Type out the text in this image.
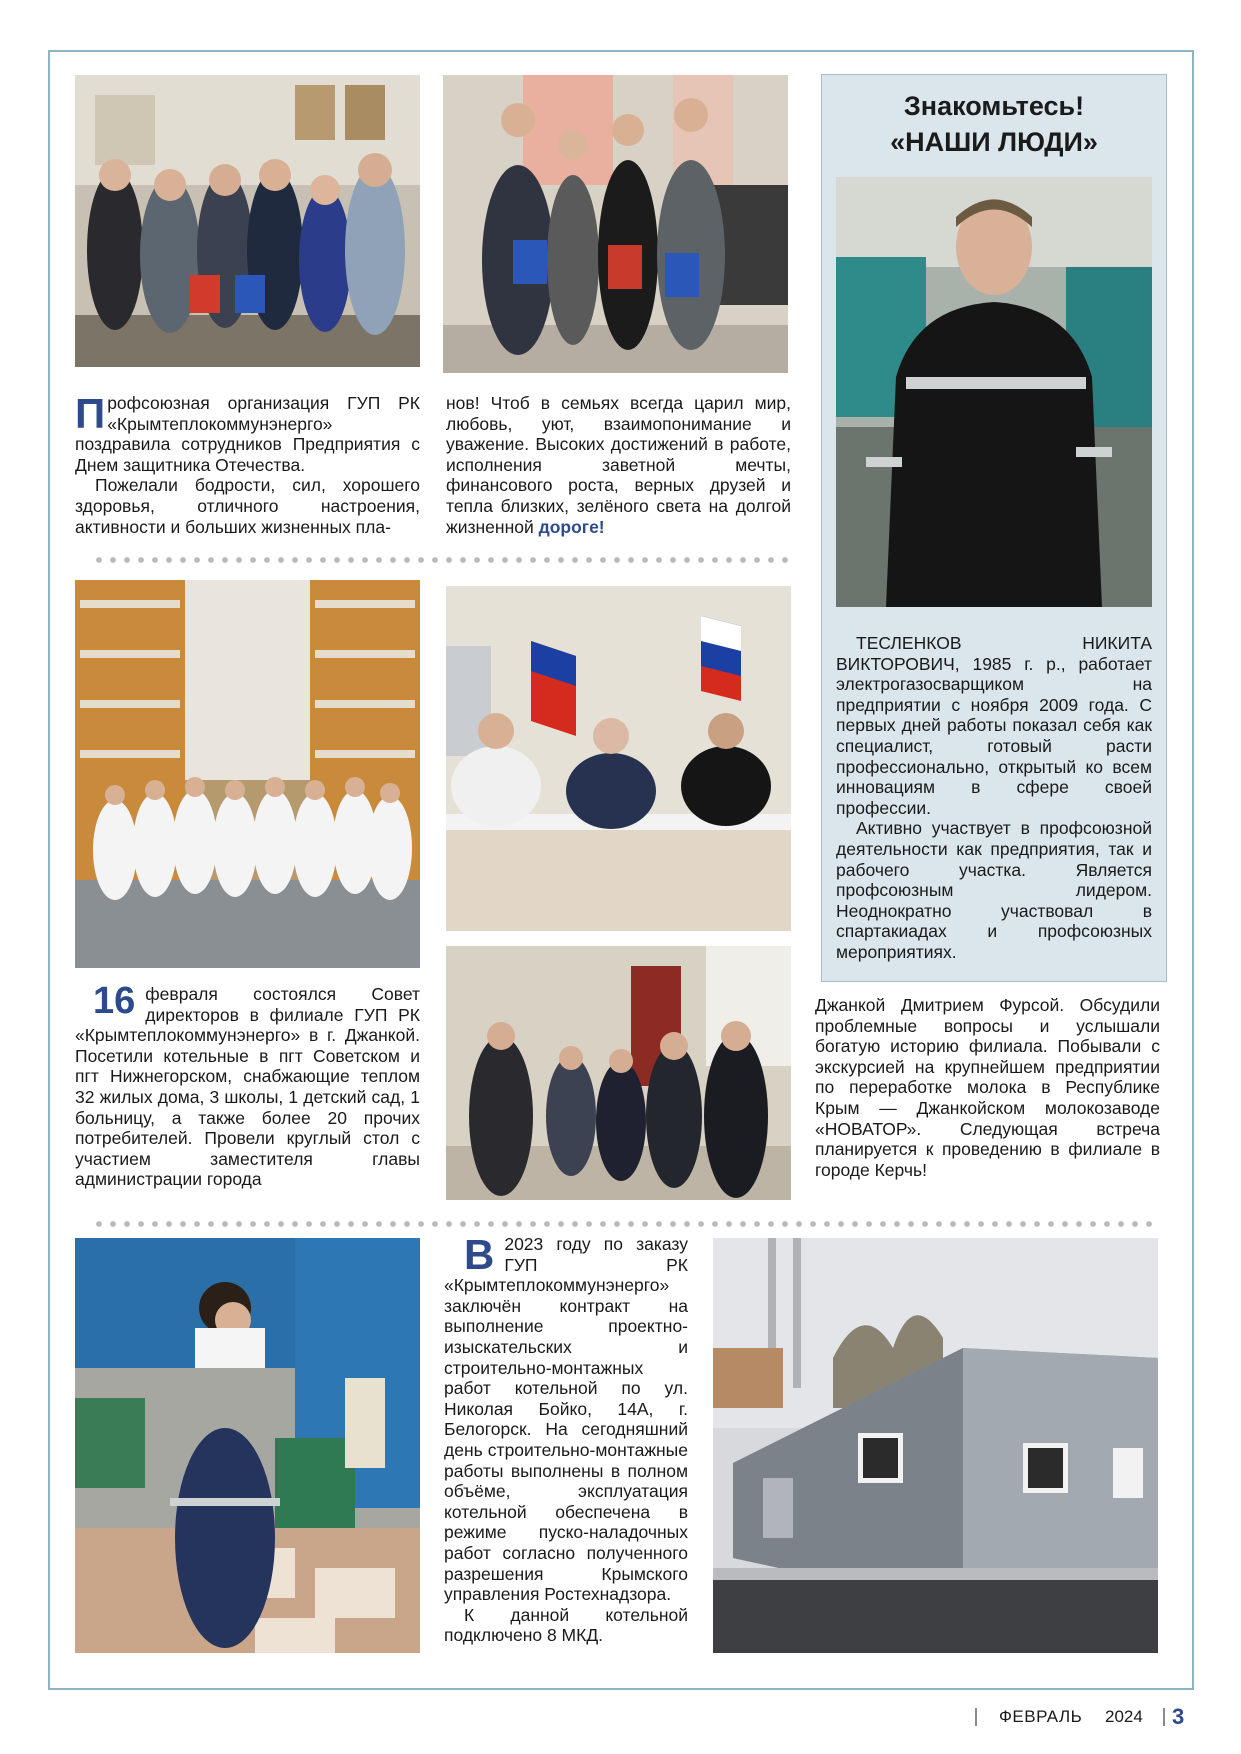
Знакомьтесь!
«НАШИ ЛЮДИ»

ТЕСЛЕНКОВ НИКИТА ВИКТОРОВИЧ, 1985 г. р., работает электрогазосварщиком на предприятии с ноября 2009 года. С первых дней работы показал себя как специалист, готовый расти профессионально, открытый ко всем инновациям в сфере своей профессии.

Активно участвует в профсоюзной деятельности как предприятия, так и рабочего участка. Является профсоюзным лидером. Неоднократно участвовал в спартакиадах и профсоюзных мероприятиях.

П рофсоюзная организация ГУП РК «Крымтеплокоммунэнерго» поздравила сотрудников Предприятия с Днем защитника Отечества.

Пожелали бодрости, сил, хорошего здоровья, отличного настроения, активности и больших жизненных пла-

нов! Чтоб в семьях всегда царил мир, любовь, уют, взаимопонимание и уважение. Высоких достижений в работе, исполнения заветной мечты, финансового роста, верных друзей и тепла близких, зелёного света на долгой жизненной дороге!

16 февраля состоялся Совет директоров в филиале ГУП РК «Крымтеплокоммунэнерго» в г. Джанкой. Посетили котельные в пгт Советском и пгт Нижнегорском, снабжающие теплом 32 жилых дома, 3 школы, 1 детский сад, 1 больницу, а также более 20 прочих потребителей. Провели круглый стол с участием заместителя главы администрации города

Джанкой Дмитрием Фурсой. Обсудили проблемные вопросы и услышали богатую историю филиала. Побывали с экскурсией на крупнейшем предприятии по переработке молока в Республике Крым — Джанкойском молокозаводе «НОВАТОР». Следующая встреча планируется к проведению в филиале в городе Керчь!

В 2023 году по заказу ГУП РК «Крымтеплокоммунэнерго» заключён контракт на выполнение проектно-изыскательских и строительно-монтажных работ котельной по ул. Николая Бойко, 14А, г. Белогорск. На сегодняшний день строительно-монтажные работы выполнены в полном объёме, эксплуатация котельной обеспечена в режиме пуско-наладочных работ согласно полученного разрешения Крымского управления Ростехнадзора.

К данной котельной подключено 8 МКД.

ФЕВРАЛЬ 2024 3
